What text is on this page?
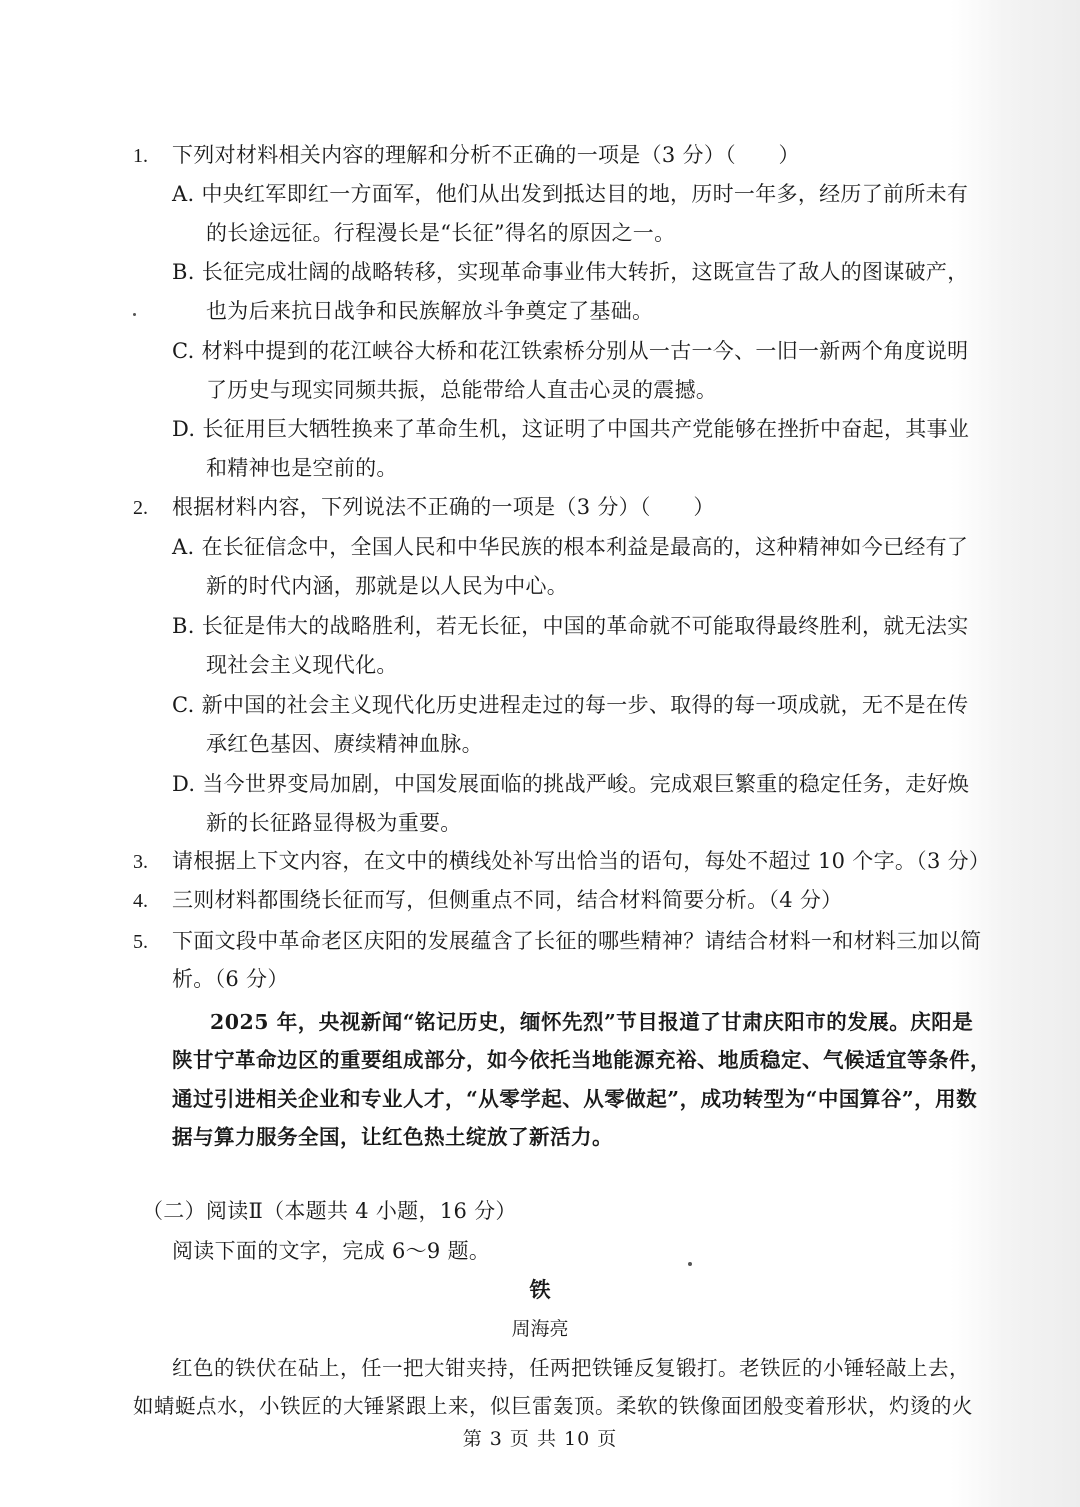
1. 下列对材料相关内容的理解和分析不正确的一项是（3 分）（　　）
A. 中央红军即红一方面军，他们从出发到抵达目的地，历时一年多，经历了前所未有
的长途远征。行程漫长是“长征”得名的原因之一。
B. 长征完成壮阔的战略转移，实现革命事业伟大转折，这既宣告了敌人的图谋破产，
也为后来抗日战争和民族解放斗争奠定了基础。
C. 材料中提到的花江峡谷大桥和花江铁索桥分别从一古一今、一旧一新两个角度说明
了历史与现实同频共振，总能带给人直击心灵的震撼。
D. 长征用巨大牺牲换来了革命生机，这证明了中国共产党能够在挫折中奋起，其事业
和精神也是空前的。
2. 根据材料内容，下列说法不正确的一项是（3 分）（　　）
A. 在长征信念中，全国人民和中华民族的根本利益是最高的，这种精神如今已经有了
新的时代内涵，那就是以人民为中心。
B. 长征是伟大的战略胜利，若无长征，中国的革命就不可能取得最终胜利，就无法实
现社会主义现代化。
C. 新中国的社会主义现代化历史进程走过的每一步、取得的每一项成就，无不是在传
承红色基因、赓续精神血脉。
D. 当今世界变局加剧，中国发展面临的挑战严峻。完成艰巨繁重的稳定任务，走好焕
新的长征路显得极为重要。
3. 请根据上下文内容，在文中的横线处补写出恰当的语句，每处不超过 10 个字。（3 分）
4. 三则材料都围绕长征而写，但侧重点不同，结合材料简要分析。（4 分）
5. 下面文段中革命老区庆阳的发展蕴含了长征的哪些精神？请结合材料一和材料三加以简
析。（6 分）
2025 年，央视新闻“铭记历史，缅怀先烈”节目报道了甘肃庆阳市的发展。庆阳是
陕甘宁革命边区的重要组成部分，如今依托当地能源充裕、地质稳定、气候适宜等条件，
通过引进相关企业和专业人才，“从零学起、从零做起”，成功转型为“中国算谷”，用数
据与算力服务全国，让红色热土绽放了新活力。
（二）阅读Ⅱ（本题共 4 小题，16 分）
阅读下面的文字，完成 6～9 题。
铁
周海亮
红色的铁伏在砧上，任一把大钳夹持，任两把铁锤反复锻打。老铁匠的小锤轻敲上去，
如蜻蜓点水，小铁匠的大锤紧跟上来，似巨雷轰顶。柔软的铁像面团般变着形状，灼烫的火
第 3 页 共 10 页
